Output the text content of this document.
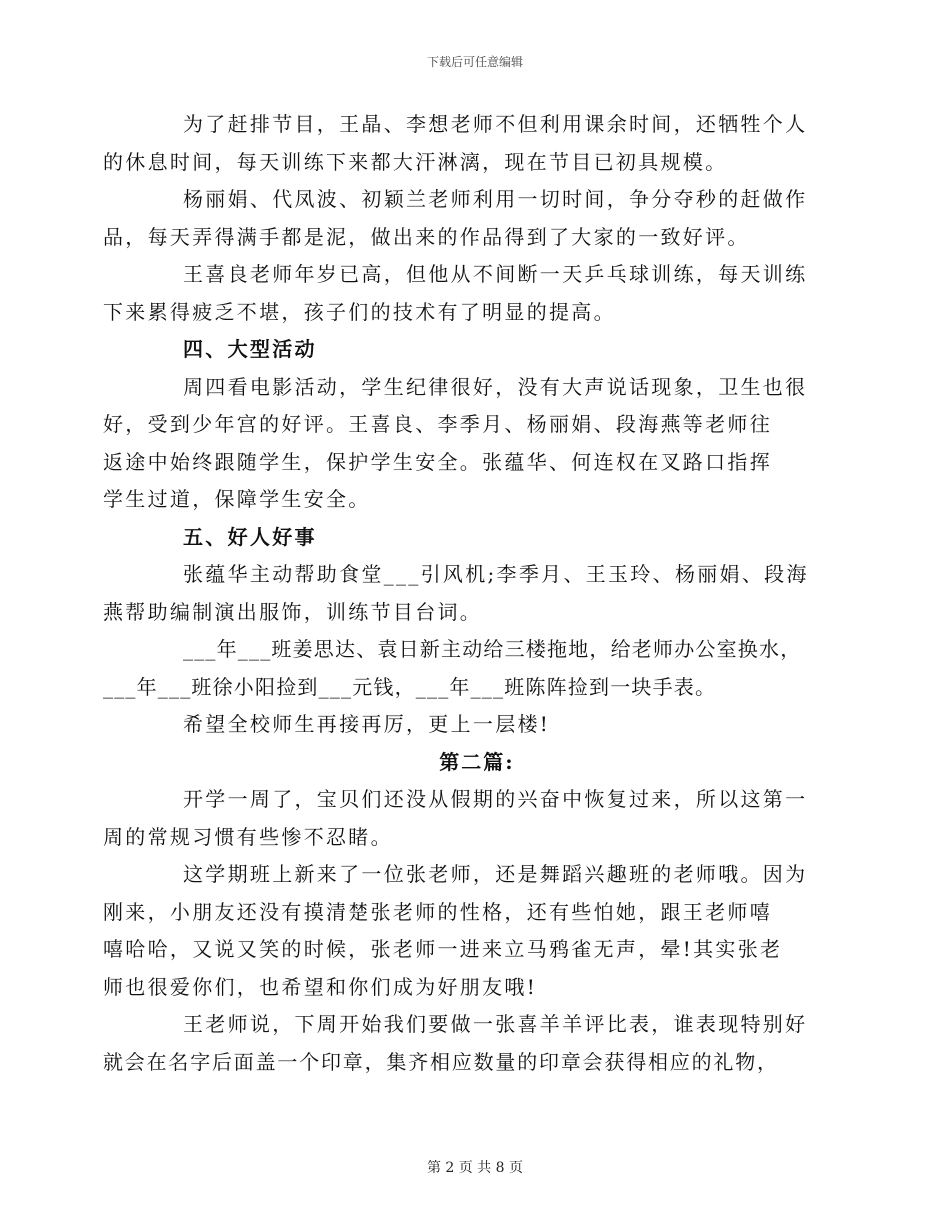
下载后可任意编辑

为了赶排节目，王晶、李想老师不但利用课余时间，还牺牲个人
的休息时间，每天训练下来都大汗淋漓，现在节目已初具规模。

杨丽娟、代凤波、初颖兰老师利用一切时间，争分夺秒的赶做作
品，每天弄得满手都是泥，做出来的作品得到了大家的一致好评。

王喜良老师年岁已高，但他从不间断一天乒乓球训练，每天训练
下来累得疲乏不堪，孩子们的技术有了明显的提高。

四、大型活动

周四看电影活动，学生纪律很好，没有大声说话现象，卫生也很
好，受到少年宫的好评。王喜良、李季月、杨丽娟、段海燕等老师往
返途中始终跟随学生，保护学生安全。张蕴华、何连权在叉路口指挥
学生过道，保障学生安全。

五、好人好事

张蕴华主动帮助食堂___引风机;李季月、王玉玲、杨丽娟、段海
燕帮助编制演出服饰，训练节目台词。

___年___班姜思达、袁日新主动给三楼拖地，给老师办公室换水，
___年___班徐小阳捡到___元钱，___年___班陈阵捡到一块手表。

希望全校师生再接再厉，更上一层楼!

第二篇:

开学一周了，宝贝们还没从假期的兴奋中恢复过来，所以这第一
周的常规习惯有些惨不忍睹。

这学期班上新来了一位张老师，还是舞蹈兴趣班的老师哦。因为
刚来，小朋友还没有摸清楚张老师的性格，还有些怕她，跟王老师嘻
嘻哈哈，又说又笑的时候，张老师一进来立马鸦雀无声，晕!其实张老
师也很爱你们，也希望和你们成为好朋友哦!

王老师说，下周开始我们要做一张喜羊羊评比表，谁表现特别好
就会在名字后面盖一个印章，集齐相应数量的印章会获得相应的礼物，

第 2 页 共 8 页
